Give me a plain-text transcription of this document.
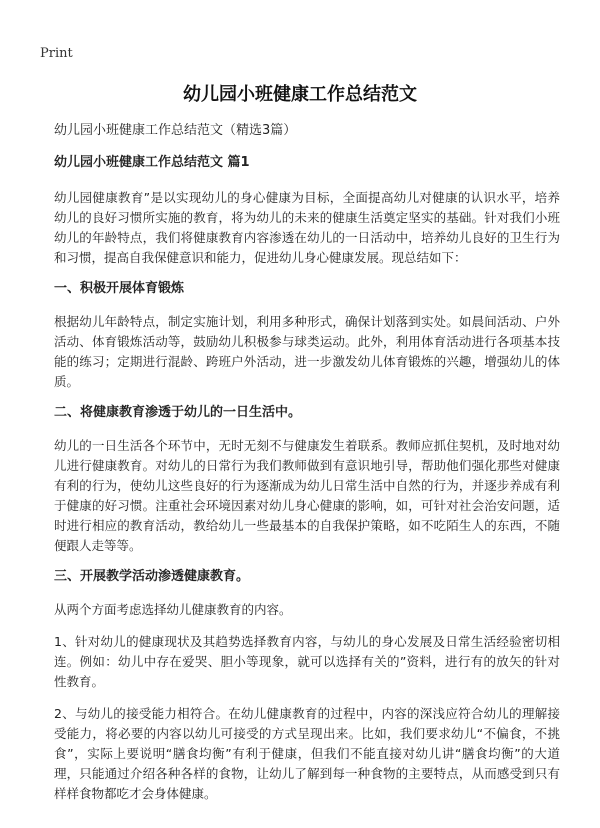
Print
幼儿园小班健康工作总结范文

幼儿园小班健康工作总结范文（精选3篇）

幼儿园小班健康工作总结范文 篇1

幼儿园健康教育”是以实现幼儿的身心健康为目标，全面提高幼儿对健康的认识水平，培养幼儿的良好习惯所实施的教育，将为幼儿的未来的健康生活奠定坚实的基础。针对我们小班幼儿的年龄特点，我们将健康教育内容渗透在幼儿的一日活动中，培养幼儿良好的卫生行为和习惯，提高自我保健意识和能力，促进幼儿身心健康发展。现总结如下：

一、积极开展体育锻炼

根据幼儿年龄特点，制定实施计划，利用多种形式，确保计划落到实处。如晨间活动、户外活动、体育锻炼活动等，鼓励幼儿积极参与球类运动。此外，利用体育活动进行各项基本技能的练习；定期进行混龄、跨班户外活动，进一步激发幼儿体育锻炼的兴趣，增强幼儿的体质。

二、将健康教育渗透于幼儿的一日生活中。

幼儿的一日生活各个环节中，无时无刻不与健康发生着联系。教师应抓住契机，及时地对幼儿进行健康教育。对幼儿的日常行为我们教师做到有意识地引导，帮助他们强化那些对健康有利的行为，使幼儿这些良好的行为逐渐成为幼儿日常生活中自然的行为，并逐步养成有利于健康的好习惯。注重社会环境因素对幼儿身心健康的影响，如，可针对社会治安问题，适时进行相应的教育活动，教给幼儿一些最基本的自我保护策略，如不吃陌生人的东西，不随便跟人走等等。

三、开展教学活动渗透健康教育。

从两个方面考虑选择幼儿健康教育的内容。

1、针对幼儿的健康现状及其趋势选择教育内容，与幼儿的身心发展及日常生活经验密切相连。例如：幼儿中存在爱哭、胆小等现象，就可以选择有关的”资料，进行有的放矢的针对性教育。

2、与幼儿的接受能力相符合。在幼儿健康教育的过程中，内容的深浅应符合幼儿的理解接受能力，将必要的内容以幼儿可接受的方式呈现出来。比如，我们要求幼儿“不偏食，不挑食”，实际上要说明“膳食均衡”有利于健康，但我们不能直接对幼儿讲“膳食均衡”的大道理，只能通过介绍各种各样的食物，让幼儿了解到每一种食物的主要特点，从而感受到只有样样食物都吃才会身体健康。
